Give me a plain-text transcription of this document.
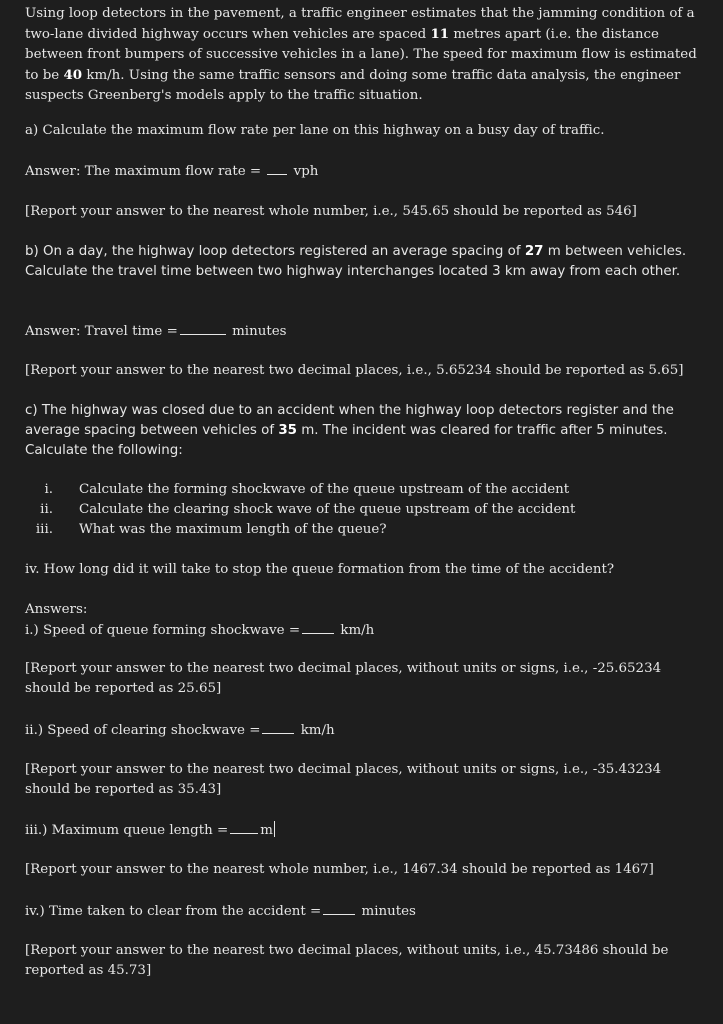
Using loop detectors in the pavement, a traffic engineer estimates that the jamming condition of a two-lane divided highway occurs when vehicles are spaced 11 metres apart (i.e. the distance between front bumpers of successive vehicles in a lane). The speed for maximum flow is estimated to be 40 km/h. Using the same traffic sensors and doing some traffic data analysis, the engineer suspects Greenberg's models apply to the traffic situation.

a) Calculate the maximum flow rate per lane on this highway on a busy day of traffic.

Answer: The maximum flow rate = vph

[Report your answer to the nearest whole number, i.e., 545.65 should be reported as 546]

b) On a day, the highway loop detectors registered an average spacing of 27 m between vehicles. Calculate the travel time between two highway interchanges located 3 km away from each other.

Answer: Travel time =	minutes

[Report your answer to the nearest two decimal places, i.e., 5.65234 should be reported as 5.65]

c) The highway was closed due to an accident when the highway loop detectors register and the average spacing between vehicles of 35 m. The incident was cleared for traffic after 5 minutes. Calculate the following:

i. Calculate the forming shockwave of the queue upstream of the accident
ii. Calculate the clearing shock wave of the queue upstream of the accident
iii. What was the maximum length of the queue?

iv. How long did it will take to stop the queue formation from the time of the accident?

Answers:

i.) Speed of queue forming shockwave =	km/h

[Report your answer to the nearest two decimal places, without units or signs, i.e., -25.65234 should be reported as 25.65]

ii.) Speed of clearing shockwave =	km/h

[Report your answer to the nearest two decimal places, without units or signs, i.e., -35.43234 should be reported as 35.43]

iii.) Maximum queue length = m

[Report your answer to the nearest whole number, i.e., 1467.34 should be reported as 1467]

iv.) Time taken to clear from the accident =	minutes

[Report your answer to the nearest two decimal places, without units, i.e., 45.73486 should be reported as 45.73]
